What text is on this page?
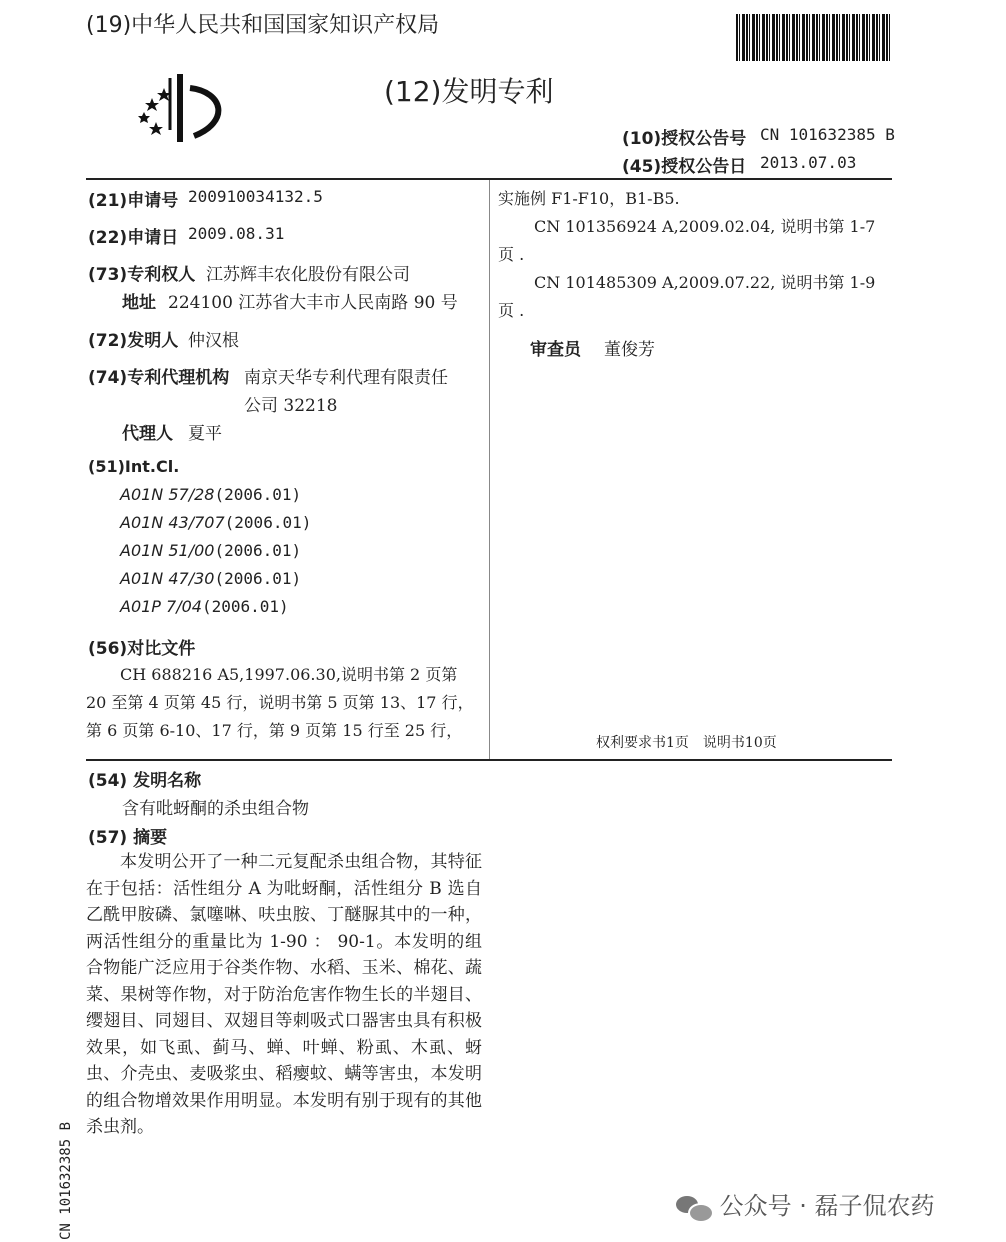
(19)中华人民共和国国家知识产权局
(12)发明专利
(10)授权公告号 CN 101632385 B
(45)授权公告日 2013.07.03
(21)申请号 200910034132.5
(22)申请日 2009.08.31
(73)专利权人 江苏辉丰农化股份有限公司
地址 224100 江苏省大丰市人民南路 90 号
(72)发明人 仲汉根
(74)专利代理机构 南京天华专利代理有限责任
公司 32218
代理人 夏平
(51)Int.Cl.
A01N 57/28(2006.01)
A01N 43/707(2006.01)
A01N 51/00(2006.01)
A01N 47/30(2006.01)
A01P 7/04(2006.01)
(56)对比文件
CH 688216 A5,1997.06.30,说明书第 2 页第
20 至第 4 页第 45 行，说明书第 5 页第 13、17 行，
第 6 页第 6-10、17 行，第 9 页第 15 行至 25 行，
实施例 F1-F10，B1-B5.
CN 101356924 A,2009.02.04, 说明书第 1-7
页 .
CN 101485309 A,2009.07.22, 说明书第 1-9
页 .
审查员 董俊芳
权利要求书1页　说明书10页
(54) 发明名称
含有吡蚜酮的杀虫组合物
(57) 摘要
本发明公开了一种二元复配杀虫组合物，其特征在于包括：活性组分 A 为吡蚜酮，活性组分 B 选自乙酰甲胺磷、氯噻啉、呋虫胺、丁醚脲其中的一种，两活性组分的重量比为 1-90 ： 90-1。本发明的组合物能广泛应用于谷类作物、水稻、玉米、棉花、蔬菜、果树等作物，对于防治危害作物生长的半翅目、缨翅目、同翅目、双翅目等刺吸式口器害虫具有积极效果，如飞虱、蓟马、蝉、叶蝉、粉虱、木虱、蚜虫、介壳虫、麦吸浆虫、稻瘿蚊、螨等害虫，本发明的组合物增效果作用明显。本发明有别于现有的其他杀虫剂。
CN 101632385 B	公众号 · 磊子侃农药
